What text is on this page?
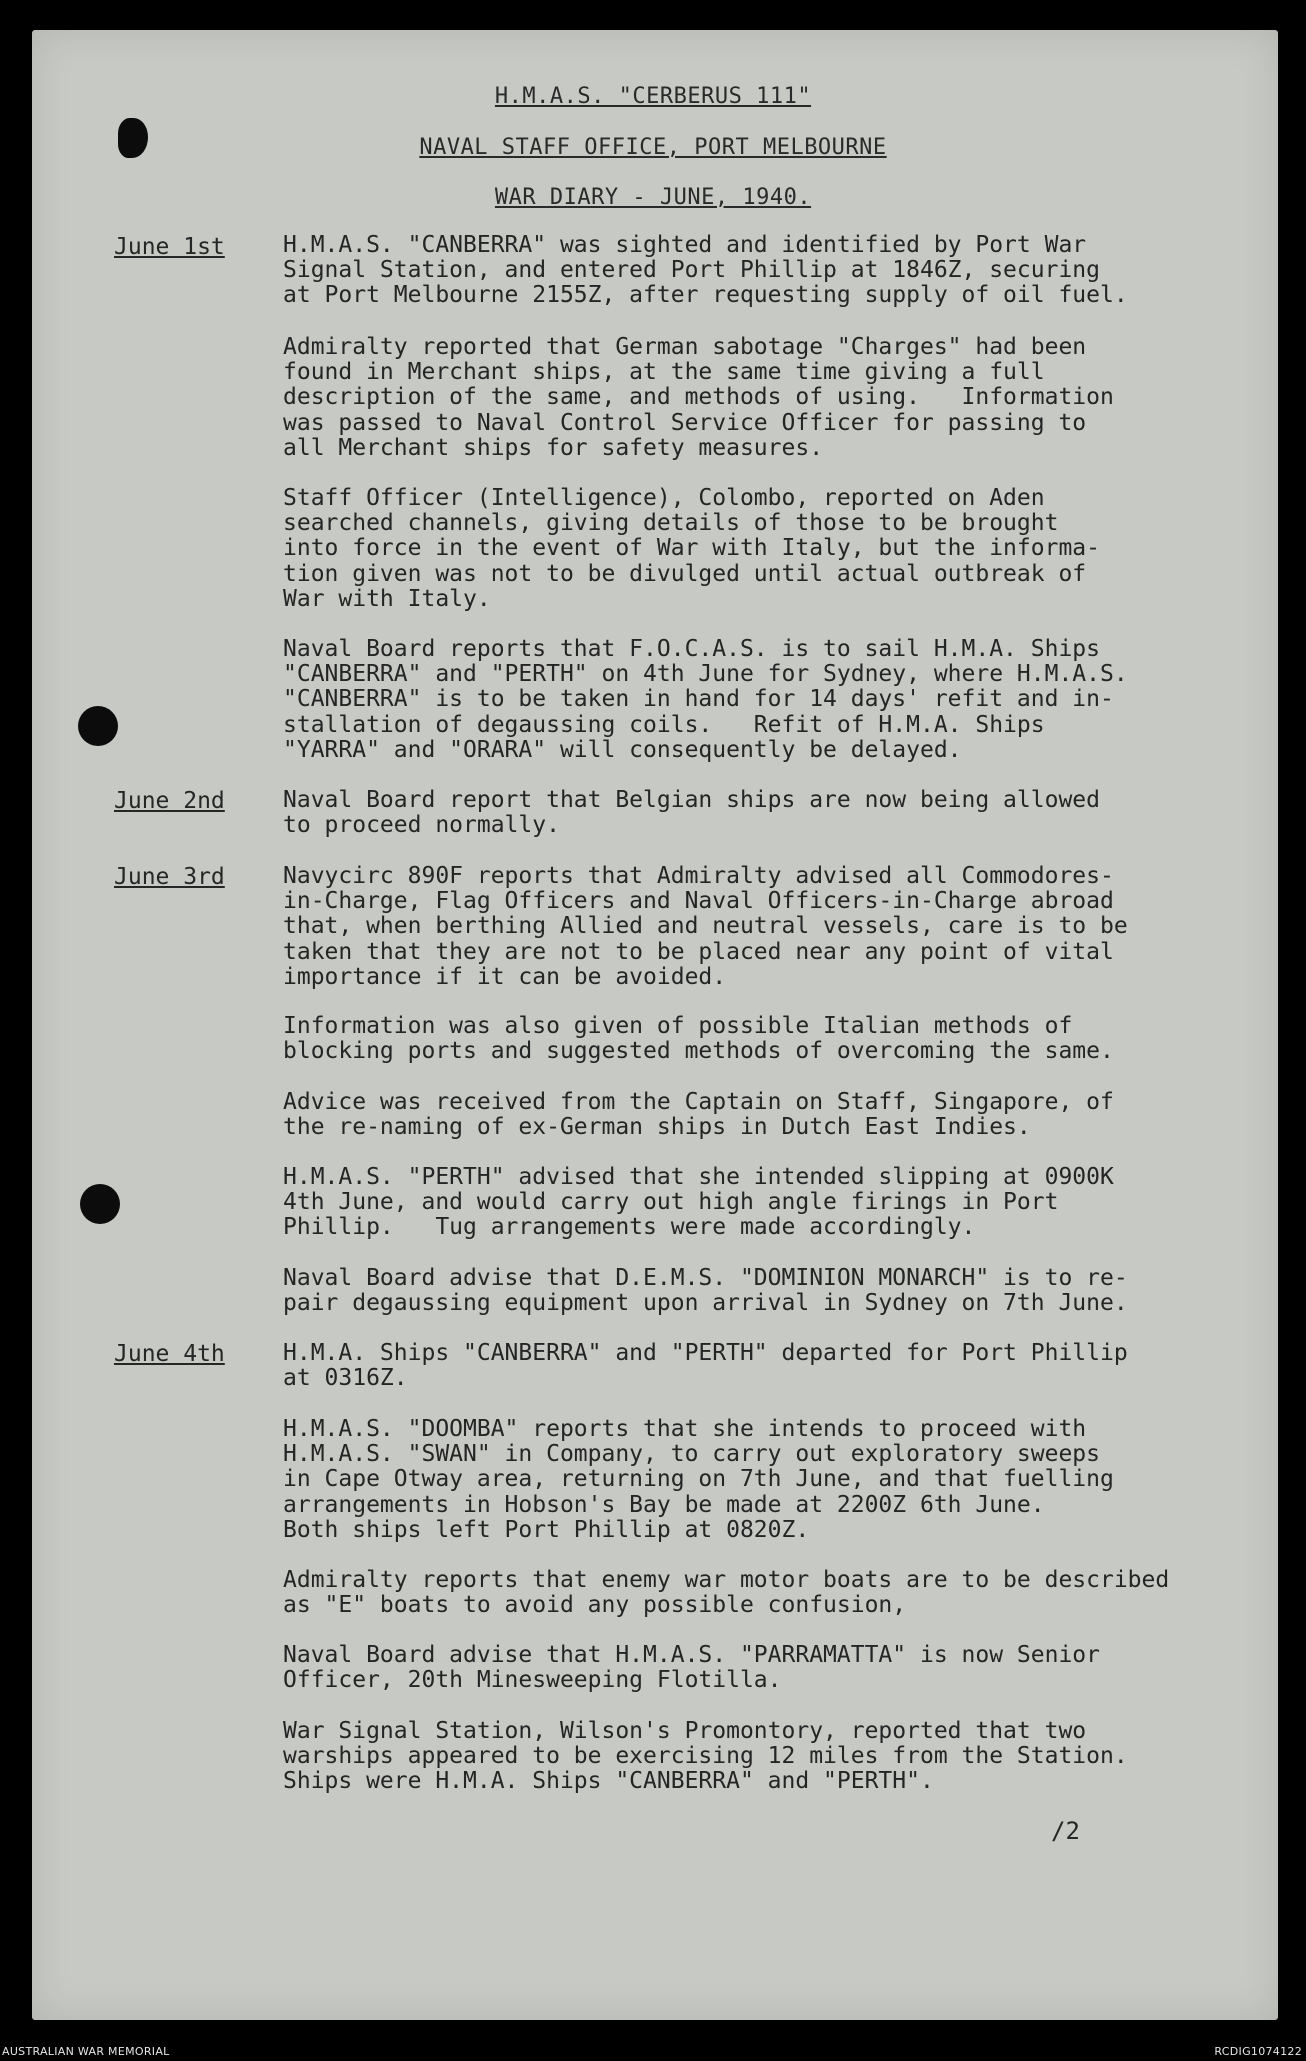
H.M.A.S. "CERBERUS 111"

NAVAL STAFF OFFICE, PORT MELBOURNE

WAR DIARY - JUNE, 1940.

June 1st	H.M.A.S. "CANBERRA" was sighted and identified by Port War
Signal Station, and entered Port Phillip at 1846Z, securing
at Port Melbourne 2155Z, after requesting supply of oil fuel.

Admiralty reported that German sabotage "Charges" had been
found in Merchant ships, at the same time giving a full
description of the same, and methods of using.   Information
was passed to Naval Control Service Officer for passing to
all Merchant ships for safety measures.

Staff Officer (Intelligence), Colombo, reported on Aden
searched channels, giving details of those to be brought
into force in the event of War with Italy, but the informa-
tion given was not to be divulged until actual outbreak of
War with Italy.

Naval Board reports that F.O.C.A.S. is to sail H.M.A. Ships
"CANBERRA" and "PERTH" on 4th June for Sydney, where H.M.A.S.
"CANBERRA" is to be taken in hand for 14 days' refit and in-
stallation of degaussing coils.   Refit of H.M.A. Ships
"YARRA" and "ORARA" will consequently be delayed.

June 2nd	Naval Board report that Belgian ships are now being allowed
to proceed normally.

June 3rd	Navycirc 890F reports that Admiralty advised all Commodores-
in-Charge, Flag Officers and Naval Officers-in-Charge abroad
that, when berthing Allied and neutral vessels, care is to be
taken that they are not to be placed near any point of vital
importance if it can be avoided.

Information was also given of possible Italian methods of
blocking ports and suggested methods of overcoming the same.

Advice was received from the Captain on Staff, Singapore, of
the re-naming of ex-German ships in Dutch East Indies.

H.M.A.S. "PERTH" advised that she intended slipping at 0900K
4th June, and would carry out high angle firings in Port
Phillip.   Tug arrangements were made accordingly.

Naval Board advise that D.E.M.S. "DOMINION MONARCH" is to re-
pair degaussing equipment upon arrival in Sydney on 7th June.

June 4th	H.M.A. Ships "CANBERRA" and "PERTH" departed for Port Phillip
at 0316Z.

H.M.A.S. "DOOMBA" reports that she intends to proceed with
H.M.A.S. "SWAN" in Company, to carry out exploratory sweeps
in Cape Otway area, returning on 7th June, and that fuelling
arrangements in Hobson's Bay be made at 2200Z 6th June.
Both ships left Port Phillip at 0820Z.

Admiralty reports that enemy war motor boats are to be described
as "E" boats to avoid any possible confusion,

Naval Board advise that H.M.A.S. "PARRAMATTA" is now Senior
Officer, 20th Minesweeping Flotilla.

War Signal Station, Wilson's Promontory, reported that two
warships appeared to be exercising 12 miles from the Station.
Ships were H.M.A. Ships "CANBERRA" and "PERTH".

/2

AUSTRALIAN WAR MEMORIAL	RCDIG1074122
